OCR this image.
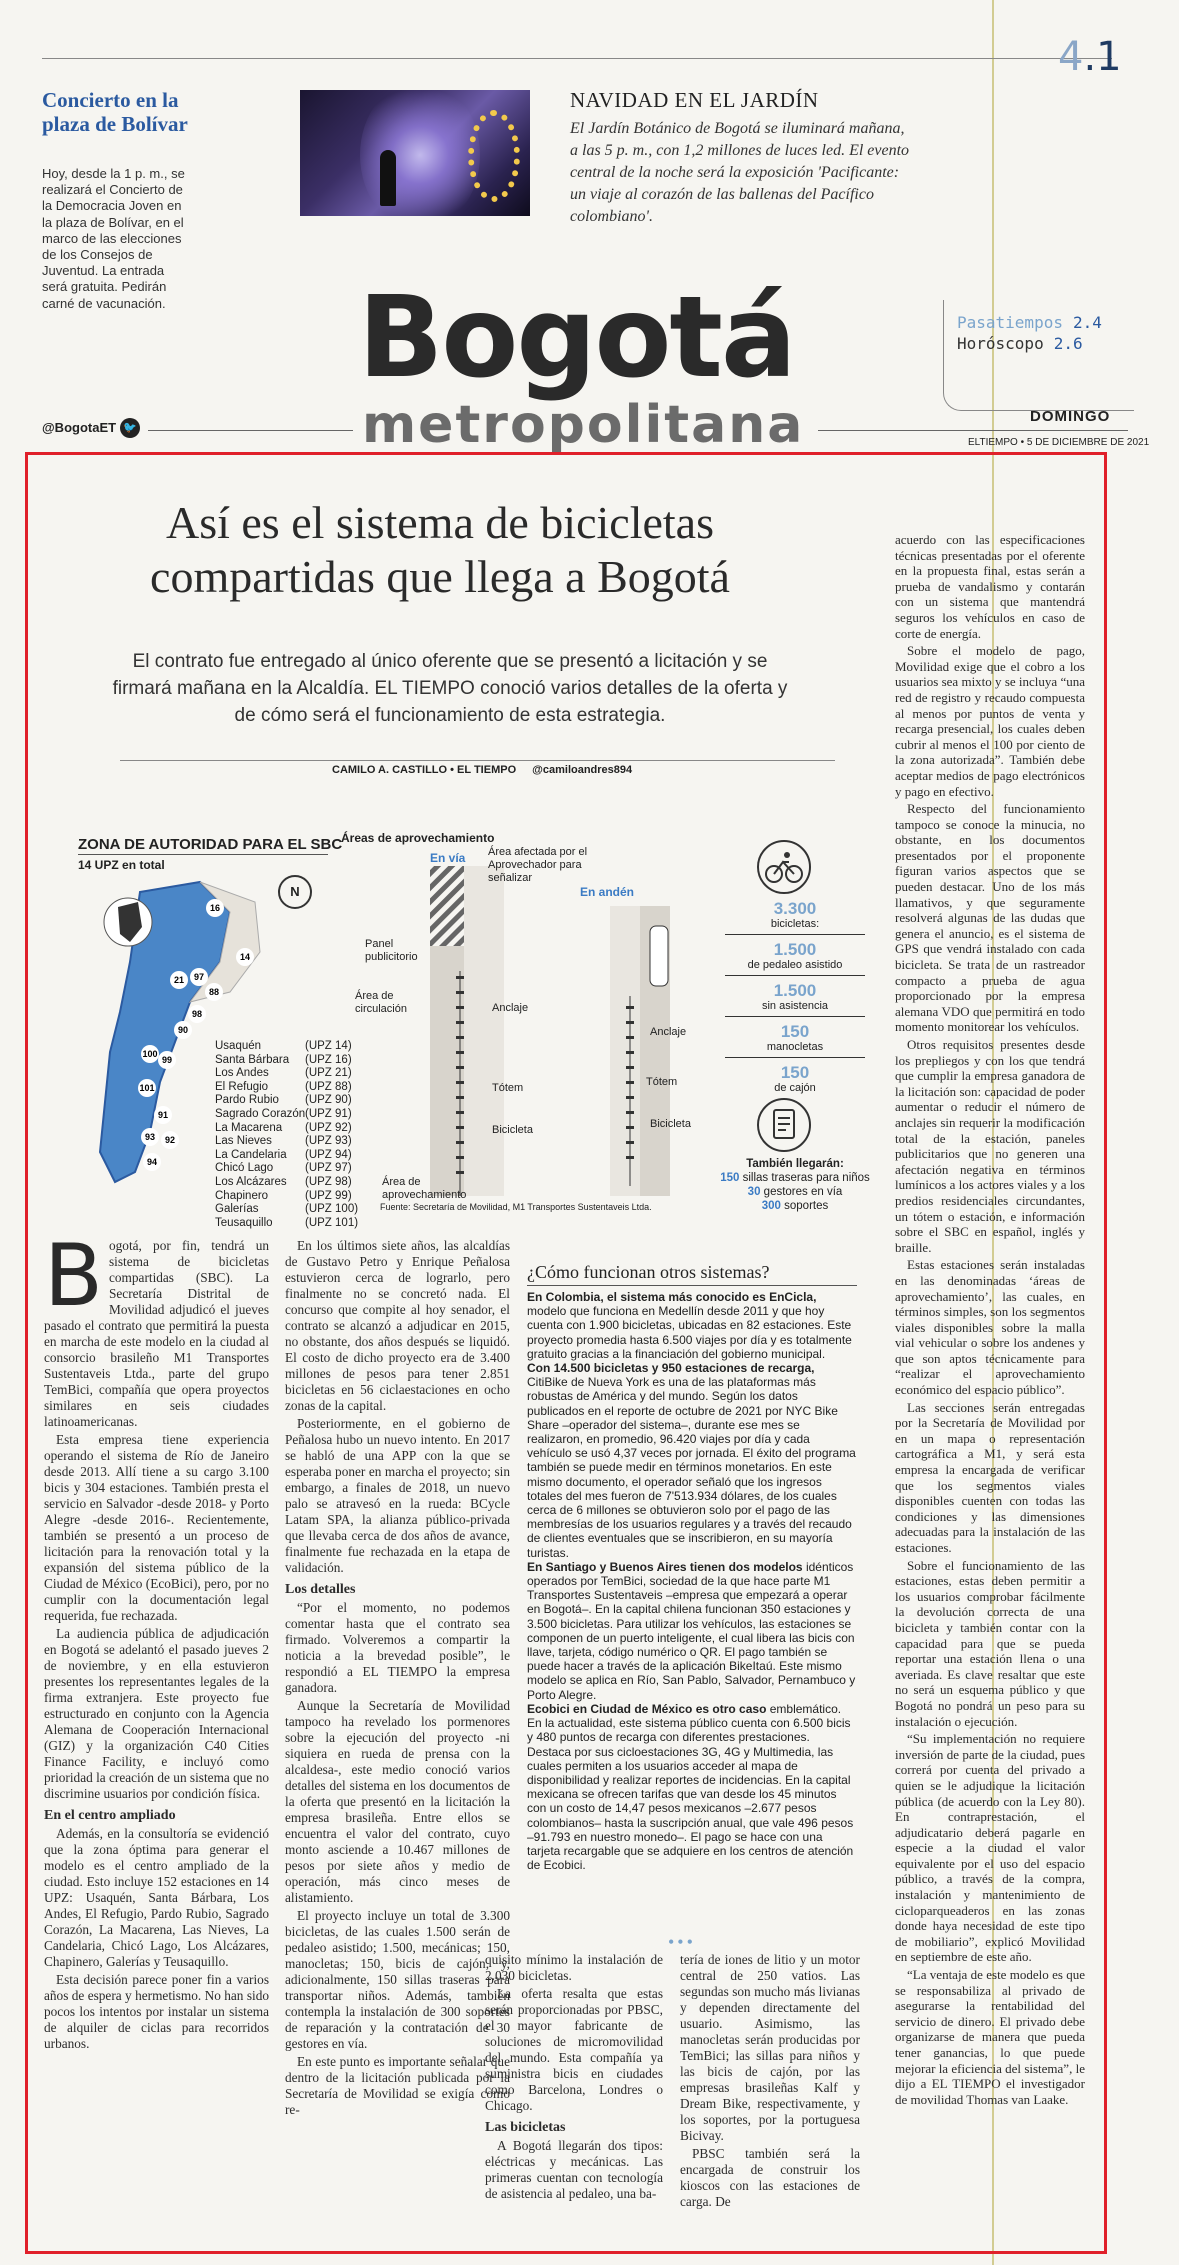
4.1
Concierto en la plaza de Bolívar
Hoy, desde la 1 p. m., se realizará el Concierto de la Democracia Joven en la plaza de Bolívar, en el marco de las elecciones de los Consejos de Juventud. La entrada será gratuita. Pedirán carné de vacunación.
NAVIDAD EN EL JARDÍN
El Jardín Botánico de Bogotá se iluminará mañana, a las 5 p. m., con 1,2 millones de luces led. El evento central de la noche será la exposición 'Pacificante: un viaje al corazón de las ballenas del Pacífico colombiano'.
Pasatiempos 2.4
Horóscopo 2.6
Bogotá
metropolitana
@BogotaET 🐦
DOMINGO
ELTIEMPO • 5 DE DICIEMBRE DE 2021
Así es el sistema de bicicletas compartidas que llega a Bogotá
El contrato fue entregado al único oferente que se presentó a licitación y se firmará mañana en la Alcaldía. EL TIEMPO conoció varios detalles de la oferta y de cómo será el funcionamiento de esta estrategia.
CAMILO A. CASTILLO • EL TIEMPO @camiloandres894
ZONA DE AUTORIDAD PARA EL SBC
14 UPZ en total
16
14
21 97
88
98
90
100
99
101
91
93 92
94
N
Usaquén
Santa Bárbara
Los Andes
El Refugio
Pardo Rubio
Sagrado Corazón
La Macarena
Las Nieves
La Candelaria
Chicó Lago
Los Alcázares
Chapinero
Galerías
Teusaquillo
(UPZ 14)
(UPZ 16)
(UPZ 21)
(UPZ 88)
(UPZ 90)
(UPZ 91)
(UPZ 92)
(UPZ 93)
(UPZ 94)
(UPZ 97)
(UPZ 98)
(UPZ 99)
(UPZ 100)
(UPZ 101)
Áreas de aprovechamiento
En vía
En andén
Área afectada por el Aprovechador para señalizar
Panel publicitorio
Área de circulación	Anclaje
Tótem
Bicicleta
Anclaje
Tótem
Bicicleta
Área de aprovechamiento
Fuente: Secretaría de Movilidad, M1 Transportes Sustentaveis Ltda.
3.300
bicicletas:
1.500
de pedaleo asistido
1.500
sin asistencia
150
manocletas
150
de cajón
También llegarán:
150 sillas traseras para niños
30 gestores en vía
300 soportes

Bogotá, por fin, tendrá un sistema de bicicletas compartidas (SBC). La Secretaría Distrital de Movilidad adjudicó el jueves pasado el contrato que permitirá la puesta en marcha de este modelo en la ciudad al consorcio brasileño M1 Transportes Sustentaveis Ltda., parte del grupo TemBici, compañía que opera proyectos similares en seis ciudades latinoamericanas.

Esta empresa tiene experiencia operando el sistema de Río de Janeiro desde 2013. Allí tiene a su cargo 3.100 bicis y 304 estaciones. También presta el servicio en Salvador -desde 2018- y Porto Alegre -desde 2016-. Recientemente, también se presentó a un proceso de licitación para la renovación total y la expansión del sistema público de la Ciudad de México (EcoBici), pero, por no cumplir con la documentación legal requerida, fue rechazada.

La audiencia pública de adjudicación en Bogotá se adelantó el pasado jueves 2 de noviembre, y en ella estuvieron presentes los representantes legales de la firma extranjera. Este proyecto fue estructurado en conjunto con la Agencia Alemana de Cooperación Internacional (GIZ) y la organización C40 Cities Finance Facility, e incluyó como prioridad la creación de un sistema que no discrimine usuarios por condición física.

En el centro ampliado

Además, en la consultoría se evidenció que la zona óptima para generar el modelo es el centro ampliado de la ciudad. Esto incluye 152 estaciones en 14 UPZ: Usaquén, Santa Bárbara, Los Andes, El Refugio, Pardo Rubio, Sagrado Corazón, La Macarena, Las Nieves, La Candelaria, Chicó Lago, Los Alcázares, Chapinero, Galerías y Teusaquillo.

Esta decisión parece poner fin a varios años de espera y hermetismo. No han sido pocos los intentos por instalar un sistema de alquiler de ciclas para recorridos urbanos.

En los últimos siete años, las alcaldías de Gustavo Petro y Enrique Peñalosa estuvieron cerca de lograrlo, pero finalmente no se concretó nada. El concurso que compite al hoy senador, el contrato se alcanzó a adjudicar en 2015, no obstante, dos años después se liquidó. El costo de dicho proyecto era de 3.400 millones de pesos para tener 2.851 bicicletas en 56 ciclaestaciones en ocho zonas de la capital.

Posteriormente, en el gobierno de Peñalosa hubo un nuevo intento. En 2017 se habló de una APP con la que se esperaba poner en marcha el proyecto; sin embargo, a finales de 2018, un nuevo palo se atravesó en la rueda: BCycle Latam SPA, la alianza público-privada que llevaba cerca de dos años de avance, finalmente fue rechazada en la etapa de validación.

Los detalles

“Por el momento, no podemos comentar hasta que el contrato sea firmado. Volveremos a compartir la noticia a la brevedad posible”, le respondió a EL TIEMPO la empresa ganadora.

Aunque la Secretaría de Movilidad tampoco ha revelado los pormenores sobre la ejecución del proyecto -ni siquiera en rueda de prensa con la alcaldesa-, este medio conoció varios detalles del sistema en los documentos de la oferta que presentó en la licitación la empresa brasileña. Entre ellos se encuentra el valor del contrato, cuyo monto asciende a 10.467 millones de pesos por siete años y medio de operación, más cinco meses de alistamiento.

El proyecto incluye un total de 3.300 bicicletas, de las cuales 1.500 serán de pedaleo asistido; 1.500, mecánicas; 150, manocletas; 150, bicis de cajón, y, adicionalmente, 150 sillas traseras para transportar niños. Además, también contempla la instalación de 300 soportes de reparación y la contratación de 30 gestores en vía.

En este punto es importante señalar que dentro de la licitación publicada por la Secretaría de Movilidad se exigía como re-

¿Cómo funcionan otros sistemas?
En Colombia, el sistema más conocido es EnCicla, modelo que funciona en Medellín desde 2011 y que hoy cuenta con 1.900 bicicletas, ubicadas en 82 estaciones. Este proyecto promedia hasta 6.500 viajes por día y es totalmente gratuito gracias a la financiación del gobierno municipal.
Con 14.500 bicicletas y 950 estaciones de recarga, CitiBike de Nueva York es una de las plataformas más robustas de América y del mundo. Según los datos publicados en el reporte de octubre de 2021 por NYC Bike Share –operador del sistema–, durante ese mes se realizaron, en promedio, 96.420 viajes por día y cada vehículo se usó 4,37 veces por jornada. El éxito del programa también se puede medir en términos monetarios. En este mismo documento, el operador señaló que los ingresos totales del mes fueron de 7'513.934 dólares, de los cuales cerca de 6 millones se obtuvieron solo por el pago de las membresías de los usuarios regulares y a través del recaudo de clientes eventuales que se inscribieron, en su mayoría turistas.
En Santiago y Buenos Aires tienen dos modelos idénticos operados por TemBici, sociedad de la que hace parte M1 Transportes Sustentaveis –empresa que empezará a operar en Bogotá–. En la capital chilena funcionan 350 estaciones y 3.500 bicicletas. Para utilizar los vehículos, las estaciones se componen de un puerto inteligente, el cual libera las bicis con llave, tarjeta, código numérico o QR. El pago también se puede hacer a través de la aplicación BikeItaú. Este mismo modelo se aplica en Río, San Pablo, Salvador, Pernambuco y Porto Alegre.
Ecobici en Ciudad de México es otro caso emblemático. En la actualidad, este sistema público cuenta con 6.500 bicis y 480 puntos de recarga con diferentes prestaciones. Destaca por sus cicloestaciones 3G, 4G y Multimedia, las cuales permiten a los usuarios acceder al mapa de disponibilidad y realizar reportes de incidencias. En la capital mexicana se ofrecen tarifas que van desde los 45 minutos con un costo de 14,47 pesos mexicanos –2.677 pesos colombianos– hasta la suscripción anual, que vale 496 pesos –91.793 en nuestro monedo–. El pago se hace con una tarjeta recargable que se adquiere en los centros de atención de Ecobici.
•••

quisito mínimo la instalación de 2.030 bicicletas.

La oferta resalta que estas serán proporcionadas por PBSC, el mayor fabricante de soluciones de micromovilidad del mundo. Esta compañía ya suministra bicis en ciudades como Barcelona, Londres o Chicago.

Las bicicletas

A Bogotá llegarán dos tipos: eléctricas y mecánicas. Las primeras cuentan con tecnología de asistencia al pedaleo, una ba-

tería de iones de litio y un motor central de 250 vatios. Las segundas son mucho más livianas y dependen directamente del usuario. Asimismo, las manocletas serán producidas por TemBici; las sillas para niños y las bicis de cajón, por las empresas brasileñas Kalf y Dream Bike, respectivamente, y los soportes, por la portuguesa Bicivay.

PBSC también será la encargada de construir los kioscos con las estaciones de carga. De

acuerdo con las especificaciones técnicas presentadas por el oferente en la propuesta final, estas serán a prueba de vandalismo y contarán con un sistema que mantendrá seguros los vehículos en caso de corte de energía.

Sobre el modelo de pago, Movilidad exige que el cobro a los usuarios sea mixto y se incluya “una red de registro y recaudo compuesta al menos por puntos de venta y recarga presencial, los cuales deben cubrir al menos el 100 por ciento de la zona autorizada”. También debe aceptar medios de pago electrónicos y pago en efectivo.

Respecto del funcionamiento tampoco se conoce la minucia, no obstante, en los documentos presentados por el proponente figuran varios aspectos que se pueden destacar. Uno de los más llamativos, y que seguramente resolverá algunas de las dudas que genera el anuncio, es el sistema de GPS que vendrá instalado con cada bicicleta. Se trata de un rastreador compacto a prueba de agua proporcionado por la empresa alemana VDO que permitirá en todo momento monitorear los vehículos.

Otros requisitos presentes desde los prepliegos y con los que tendrá que cumplir la empresa ganadora de la licitación son: capacidad de poder aumentar o reducir el número de anclajes sin requerir la modificación total de la estación, paneles publicitarios que no generen una afectación negativa en términos lumínicos a los actores viales y a los predios residenciales circundantes, un tótem o estación, e información sobre el SBC en español, inglés y braille.

Estas estaciones serán instaladas en las denominadas ‘áreas de aprovechamiento’, las cuales, en términos simples, son los segmentos viales disponibles sobre la malla vial vehicular o sobre los andenes y que son aptos técnicamente para “realizar el aprovechamiento económico del espacio público”.

Las secciones serán entregadas por la Secretaría de Movilidad por en un mapa o representación cartográfica a M1, y será esta empresa la encargada de verificar que los segmentos viales disponibles cuenten con todas las condiciones y las dimensiones adecuadas para la instalación de las estaciones.

Sobre el funcionamiento de las estaciones, estas deben permitir a los usuarios comprobar fácilmente la devolución correcta de una bicicleta y también contar con la capacidad para que se pueda reportar una estación llena o una averiada. Es clave resaltar que este no será un esquema público y que Bogotá no pondrá un peso para su instalación o ejecución.

“Su implementación no requiere inversión de parte de la ciudad, pues correrá por cuenta del privado a quien se le adjudique la licitación pública (de acuerdo con la Ley 80). En contraprestación, el adjudicatario deberá pagarle en especie a la ciudad el valor equivalente por el uso del espacio público, a través de la compra, instalación y mantenimiento de cicloparqueaderos en las zonas donde haya necesidad de este tipo de mobiliario”, explicó Movilidad en septiembre de este año.

“La ventaja de este modelo es que se responsabiliza al privado de asegurarse la rentabilidad del servicio de dinero. El privado debe organizarse de manera que pueda tener ganancias, lo que puede mejorar la eficiencia del sistema”, le dijo a EL TIEMPO el investigador de movilidad Thomas van Laake.
